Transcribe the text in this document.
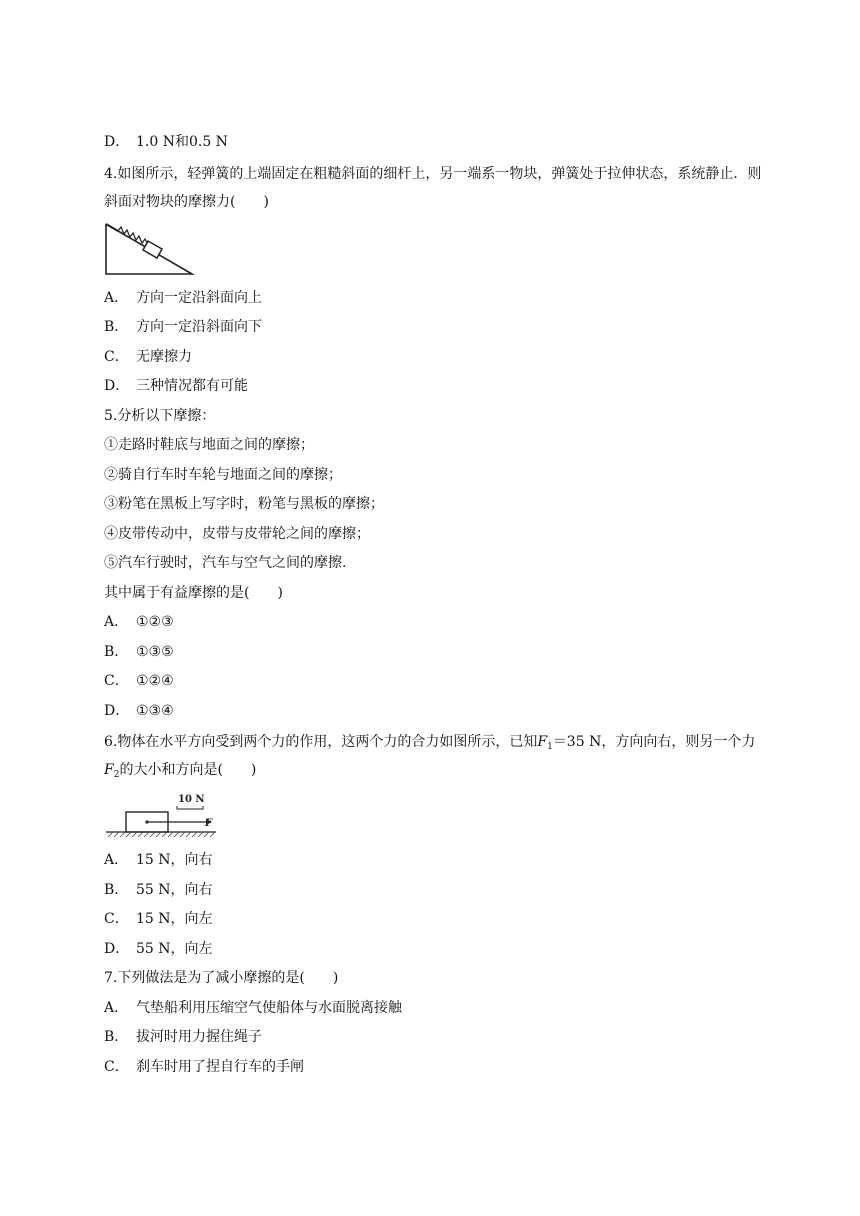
D． 1.0 N和0.5 N
4.如图所示，轻弹簧的上端固定在粗糙斜面的细杆上，另一端系一物块，弹簧处于拉伸状态，系统静止．则斜面对物块的摩擦力(　　)
A． 方向一定沿斜面向上
B． 方向一定沿斜面向下
C． 无摩擦力
D． 三种情况都有可能
5.分析以下摩擦：
①走路时鞋底与地面之间的摩擦；
②骑自行车时车轮与地面之间的摩擦；
③粉笔在黑板上写字时，粉笔与黑板的摩擦；
④皮带传动中，皮带与皮带轮之间的摩擦；
⑤汽车行驶时，汽车与空气之间的摩擦.
其中属于有益摩擦的是(　　)
A． ①②③
B． ①③⑤
C． ①②④
D． ①③④
6.物体在水平方向受到两个力的作用，这两个力的合力如图所示，已知$F_1=35$ N，方向向右，则另一个力$F_2$的大小和方向是(　　)
10 N
F
A． 15 N，向右
B． 55 N，向右
C． 15 N，向左
D． 55 N，向左
7.下列做法是为了减小摩擦的是(　　)
A． 气垫船利用压缩空气使船体与水面脱离接触
B． 拔河时用力握住绳子
C． 刹车时用了捏自行车的手闸
